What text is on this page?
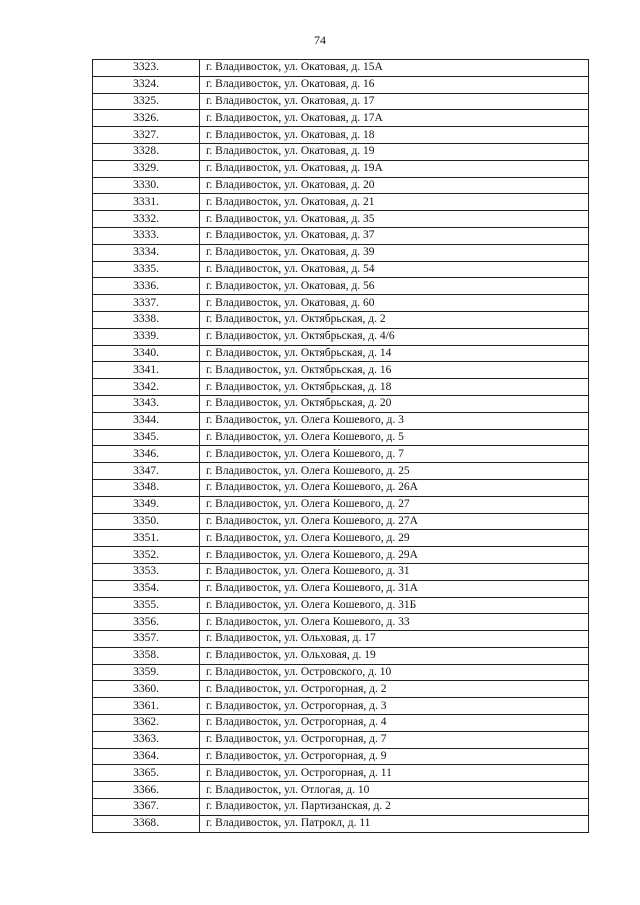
74
3323.	г. Владивосток, ул. Окатовая, д. 15А
3324.	г. Владивосток, ул. Окатовая, д. 16
3325.	г. Владивосток, ул. Окатовая, д. 17
3326.	г. Владивосток, ул. Окатовая, д. 17А
3327.	г. Владивосток, ул. Окатовая, д. 18
3328.	г. Владивосток, ул. Окатовая, д. 19
3329.	г. Владивосток, ул. Окатовая, д. 19А
3330.	г. Владивосток, ул. Окатовая, д. 20
3331.	г. Владивосток, ул. Окатовая, д. 21
3332.	г. Владивосток, ул. Окатовая, д. 35
3333.	г. Владивосток, ул. Окатовая, д. 37
3334.	г. Владивосток, ул. Окатовая, д. 39
3335.	г. Владивосток, ул. Окатовая, д. 54
3336.	г. Владивосток, ул. Окатовая, д. 56
3337.	г. Владивосток, ул. Окатовая, д. 60
3338.	г. Владивосток, ул. Октябрьская, д. 2
3339.	г. Владивосток, ул. Октябрьская, д. 4/6
3340.	г. Владивосток, ул. Октябрьская, д. 14
3341.	г. Владивосток, ул. Октябрьская, д. 16
3342.	г. Владивосток, ул. Октябрьская, д. 18
3343.	г. Владивосток, ул. Октябрьская, д. 20
3344.	г. Владивосток, ул. Олега Кошевого, д. 3
3345.	г. Владивосток, ул. Олега Кошевого, д. 5
3346.	г. Владивосток, ул. Олега Кошевого, д. 7
3347.	г. Владивосток, ул. Олега Кошевого, д. 25
3348.	г. Владивосток, ул. Олега Кошевого, д. 26А
3349.	г. Владивосток, ул. Олега Кошевого, д. 27
3350.	г. Владивосток, ул. Олега Кошевого, д. 27А
3351.	г. Владивосток, ул. Олега Кошевого, д. 29
3352.	г. Владивосток, ул. Олега Кошевого, д. 29А
3353.	г. Владивосток, ул. Олега Кошевого, д. 31
3354.	г. Владивосток, ул. Олега Кошевого, д. 31А
3355.	г. Владивосток, ул. Олега Кошевого, д. 31Б
3356.	г. Владивосток, ул. Олега Кошевого, д. 33
3357.	г. Владивосток, ул. Ольховая, д. 17
3358.	г. Владивосток, ул. Ольховая, д. 19
3359.	г. Владивосток, ул. Островского, д. 10
3360.	г. Владивосток, ул. Острогорная, д. 2
3361.	г. Владивосток, ул. Острогорная, д. 3
3362.	г. Владивосток, ул. Острогорная, д. 4
3363.	г. Владивосток, ул. Острогорная, д. 7
3364.	г. Владивосток, ул. Острогорная, д. 9
3365.	г. Владивосток, ул. Острогорная, д. 11
3366.	г. Владивосток, ул. Отлогая, д. 10
3367.	г. Владивосток, ул. Партизанская, д. 2
3368.	г. Владивосток, ул. Патрокл, д. 11
